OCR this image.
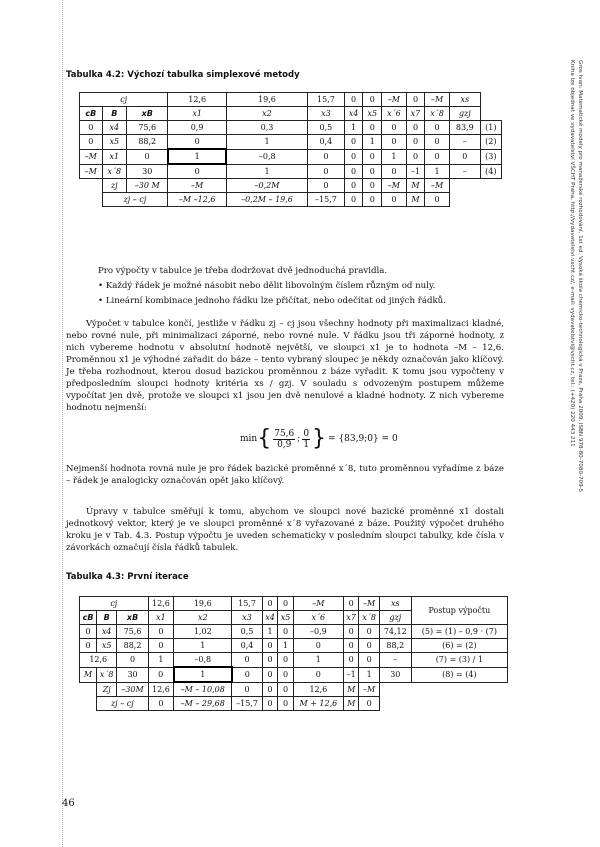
Gros Ivan: Matematické modely pro manažerské rozhodování, 1st ed. Vysoká škola chemicko-technologická v Praze, Praha 2009, ISBN 978-80-7080-709-5
Kniha lze objednat ve vydavatelství VŠCHT Praha, http://vydavatelstvi.vscht.cz/, e-mail: vydavatelstvi@vscht.cz, tel.: (+420) 220 443 211
Tabulka 4.2: Výchozí tabulka simplexové metody
cj			12,6	19,6	15,7	0	0	–M	0	–M	xs	
cB	B	xB	x1	x2	x3	x4	x5	x´6	x7	x´8	gzj	
0	x4	75,6	0,9	0,3	0,5	1	0	0	0	0	83,9	(1)
0	x5	88,2	0	1	0,4	0	1	0	0	0	–	(2)
–M	x1	0	1	–0,8	0	0	0	1	0	0	0	(3)
–M	x´8	30	0	1	0	0	0	0	–1	1	–	(4)
	zj	–30 M	–M	–0,2M	0	0	0	–M	M	–M		
	zj – cj		–M –12,6	–0,2M – 19,6	–15,7	0	0	0	M	0		
Pro výpočty v tabulce je třeba dodržovat dvě jednoduchá pravidla.
• Každý řádek je možné násobit nebo dělit libovolným číslem různým od nuly.
• Lineární kombinace jednoho řádku lze přičítat, nebo odečítat od jiných řádků.
Výpočet v tabulce končí, jestliže v řádku zj – cj jsou všechny hodnoty při maximalizaci kladné, nebo rovné nule, při minimalizaci záporné, nebo rovné nule. V řádku jsou tři záporné hodnoty, z nich vybereme hodnotu v absolutní hodnotě největší, ve sloupci x1 je to hodnota –M – 12,6. Proměnnou x1 je výhodné zařadit do báze – tento vybraný sloupec je někdy označován jako klíčový. Je třeba rozhodnout, kterou dosud bazickou proměnnou z báze vyřadit. K tomu jsou vypočteny v předposledním sloupci hodnoty kritéria xs / gzj. V souladu s odvozeným postupem můžeme vypočítat jen dvě, protože ve sloupci x1 jsou jen dvě nenulové a kladné hodnoty. Z nich vybereme hodnotu nejmenší:
min { $\frac{75,6}{0,9}$ ; $\frac{0}{1}$ } = {83,9;0} = 0
Nejmenší hodnota rovná nule je pro řádek bazické proměnné x´8, tuto proměnnou vyřadíme z báze – řádek je analogicky označován opět jako klíčový.
Úpravy v tabulce směřují k tomu, abychom ve sloupci nové bazické proměnné x1 dostali jednotkový vektor, který je ve sloupci proměnné x´8 vyřazované z báze. Použitý výpočet druhého kroku je v Tab. 4.3. Postup výpočtu je uveden schematicky v posledním sloupci tabulky, kde čísla v závorkách označují čísla řádků tabulek.
Tabulka 4.3: První iterace
cj			12,6	19,6	15,7	0	0	–M	0	–M	xs	Postup výpočtu
cB	B	xB	x1	x2	x3	x4	x5	x´6	x7	x´8	gzj	
0	x4	75,6	0	1,02	0,5	1	0	–0,9	0	0	74,12	(5) = (1) – 0,9 · (7)
0	x5	88,2	0	1	0,4	0	1	0	0	0	88,2	(6) = (2)
12,6		0	1	–0,8	0	0	0	1	0	0	–	(7) = (3) / 1
M	x´8	30	0	1	0	0	0	0	–1	1	30	(8) = (4)
	Zj	–30M	12,6	–M – 10,08	0	0	0	12,6	M	–M		
	zj – cj		0	–M – 29,68	–15,7	0	0	M + 12,6	M	0		
46
